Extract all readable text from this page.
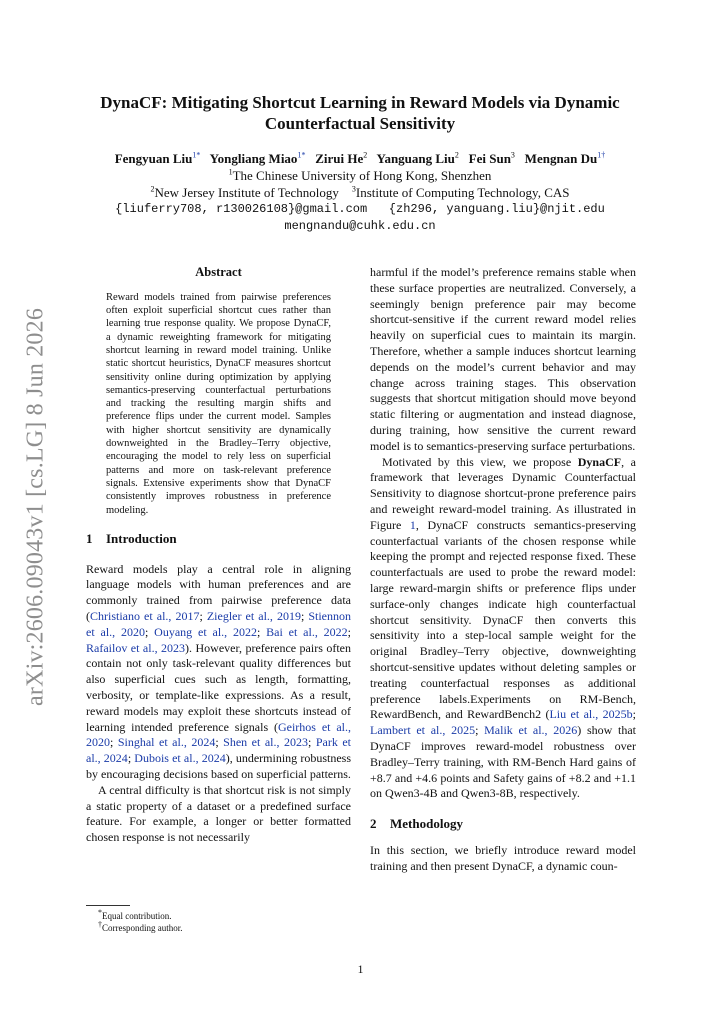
arXiv:2606.09043v1 [cs.LG] 8 Jun 2026
DynaCF: Mitigating Shortcut Learning in Reward Models via Dynamic Counterfactual Sensitivity
Fengyuan Liu$^{1*}$ Yongliang Miao$^{1*}$ Zirui He$^2$ Yanguang Liu$^2$ Fei Sun$^3$ Mengnan $Du^{1\dagger}$
$^1$The Chinese University of Hong Kong, Shenzhen
$^2$New Jersey Institute of Technology $^3$Institute of Computing Technology, CAS
{liuferry708, r130026108}@gmail.com   {zh296, yanguang.liu}@njit.edu
mengnandu@cuhk.edu.cn
Abstract

Reward models trained from pairwise preferences often exploit superficial shortcut cues rather than learning true response quality. We propose DynaCF, a dynamic reweighting framework for mitigating shortcut learning in reward model training. Unlike static shortcut heuristics, DynaCF measures shortcut sensitivity online during optimization by applying semantics-preserving counterfactual perturbations and tracking the resulting margin shifts and preference flips under the current model. Samples with higher shortcut sensitivity are dynamically downweighted in the Bradley–Terry objective, encouraging the model to rely less on superficial patterns and more on task-relevant preference signals. Extensive experiments show that DynaCF consistently improves robustness in preference modeling.

1 Introduction

Reward models play a central role in aligning language models with human preferences and are commonly trained from pairwise preference data (Christiano et al., 2017; Ziegler et al., 2019; Stiennon et al., 2020; Ouyang et al., 2022; Bai et al., 2022; Rafailov et al., 2023). However, preference pairs often contain not only task-relevant quality differences but also superficial cues such as length, formatting, verbosity, or template-like expressions. As a result, reward models may exploit these shortcuts instead of learning intended preference signals (Geirhos et al., 2020; Singhal et al., 2024; Shen et al., 2023; Park et al., 2024; Dubois et al., 2024), undermining robustness by encouraging decisions based on superficial patterns.

A central difficulty is that shortcut risk is not simply a static property of a dataset or a predefined surface feature. For example, a longer or better formatted chosen response is not necessarily

harmful if the model’s preference remains stable when these surface properties are neutralized. Conversely, a seemingly benign preference pair may become shortcut-sensitive if the current reward model relies heavily on superficial cues to maintain its margin. Therefore, whether a sample induces shortcut learning depends on the model’s current behavior and may change across training stages. This observation suggests that shortcut mitigation should move beyond static filtering or augmentation and instead diagnose, during training, how sensitive the current reward model is to semantics-preserving surface perturbations.

Motivated by this view, we propose DynaCF, a framework that leverages Dynamic Counterfactual Sensitivity to diagnose shortcut-prone preference pairs and reweight reward-model training. As illustrated in Figure 1, DynaCF constructs semantics-preserving counterfactual variants of the chosen response while keeping the prompt and rejected response fixed. These counterfactuals are used to probe the reward model: large reward-margin shifts or preference flips under surface-only changes indicate high counterfactual shortcut sensitivity. DynaCF then converts this sensitivity into a step-local sample weight for the original Bradley–Terry objective, downweighting shortcut-sensitive updates without deleting samples or treating counterfactual responses as additional preference labels.Experiments on RM-Bench, RewardBench, and RewardBench2 (Liu et al., 2025b; Lambert et al., 2025; Malik et al., 2026) show that DynaCF improves reward-model robustness over Bradley–Terry training, with RM-Bench Hard gains of +8.7 and +4.6 points and Safety gains of +8.2 and +1.1 on Qwen3-4B and Qwen3-8B, respectively.

2 Methodology

In this section, we briefly introduce reward model training and then present DynaCF, a dynamic coun-

*Equal contribution.
†Corresponding author.
1
